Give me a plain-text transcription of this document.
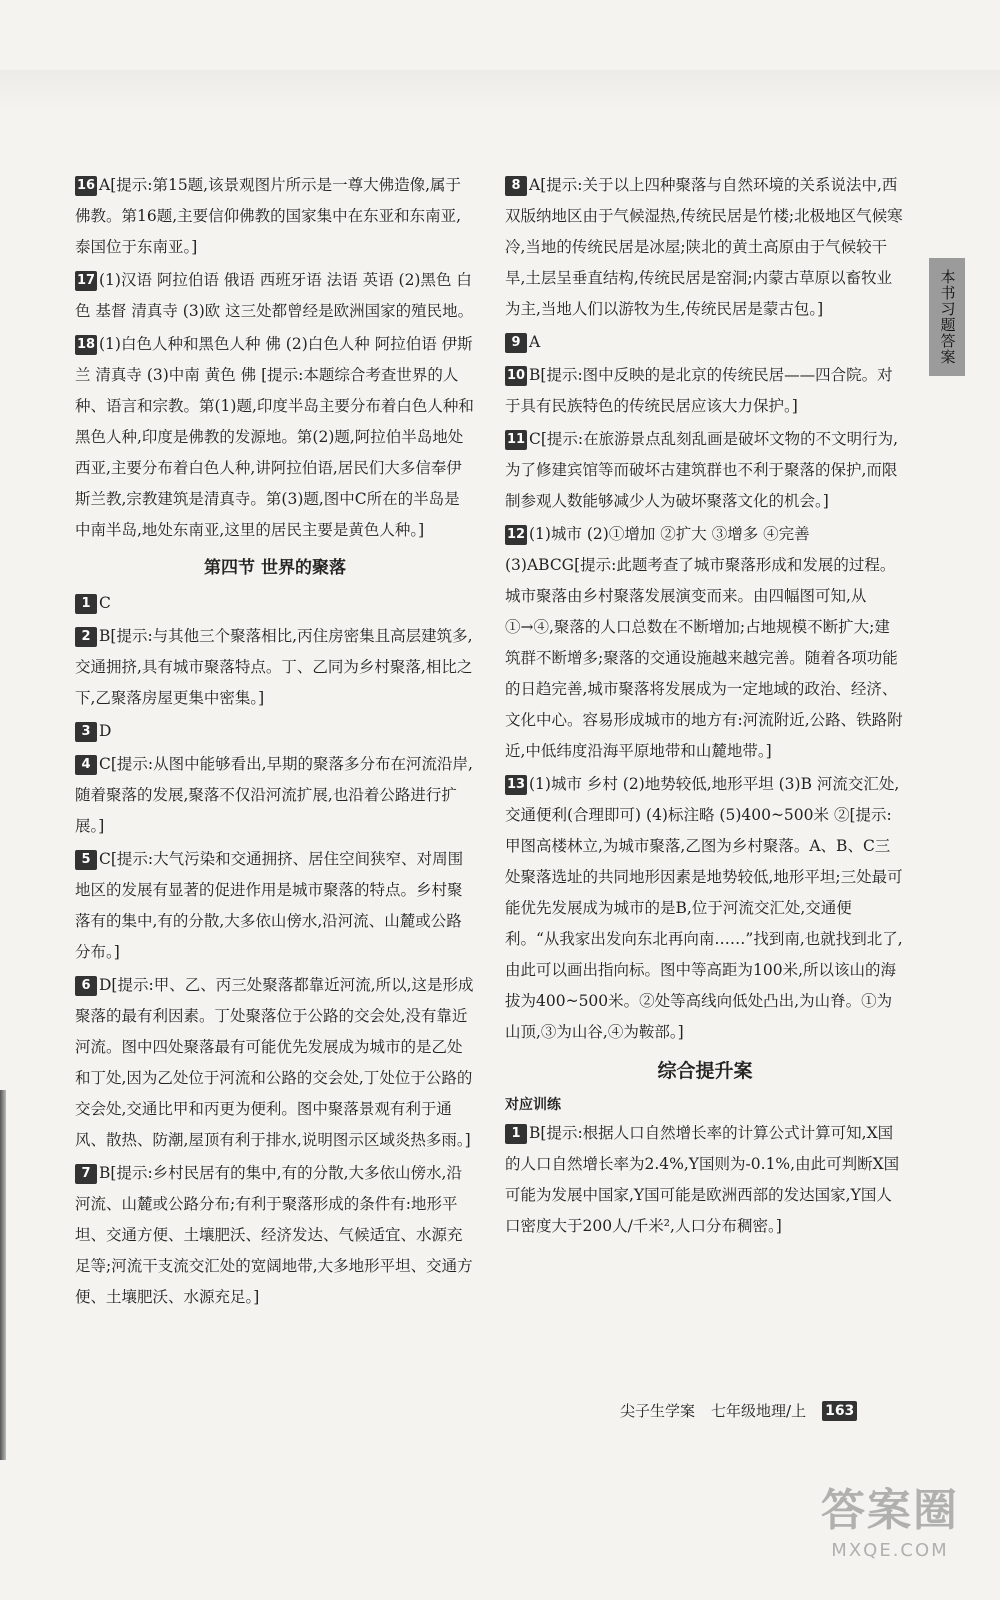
16 A[提示:第15题,该景观图片所示是一尊大佛造像,属于佛教。第16题,主要信仰佛教的国家集中在东亚和东南亚,泰国位于东南亚。]
17 (1)汉语 阿拉伯语 俄语 西班牙语 法语 英语 (2)黑色 白色 基督 清真寺 (3)欧 这三处都曾经是欧洲国家的殖民地。
18 (1)白色人种和黑色人种 佛 (2)白色人种 阿拉伯语 伊斯兰 清真寺 (3)中南 黄色 佛 [提示:本题综合考查世界的人种、语言和宗教。第(1)题,印度半岛主要分布着白色人种和黑色人种,印度是佛教的发源地。第(2)题,阿拉伯半岛地处西亚,主要分布着白色人种,讲阿拉伯语,居民们大多信奉伊斯兰教,宗教建筑是清真寺。第(3)题,图中C所在的半岛是中南半岛,地处东南亚,这里的居民主要是黄色人种。]
第四节 世界的聚落
1 C
2 B[提示:与其他三个聚落相比,丙住房密集且高层建筑多,交通拥挤,具有城市聚落特点。丁、乙同为乡村聚落,相比之下,乙聚落房屋更集中密集。]
3 D
4 C[提示:从图中能够看出,早期的聚落多分布在河流沿岸,随着聚落的发展,聚落不仅沿河流扩展,也沿着公路进行扩展。]
5 C[提示:大气污染和交通拥挤、居住空间狭窄、对周围地区的发展有显著的促进作用是城市聚落的特点。乡村聚落有的集中,有的分散,大多依山傍水,沿河流、山麓或公路分布。]
6 D[提示:甲、乙、丙三处聚落都靠近河流,所以,这是形成聚落的最有利因素。丁处聚落位于公路的交会处,没有靠近河流。图中四处聚落最有可能优先发展成为城市的是乙处和丁处,因为乙处位于河流和公路的交会处,丁处位于公路的交会处,交通比甲和丙更为便利。图中聚落景观有利于通风、散热、防潮,屋顶有利于排水,说明图示区域炎热多雨。]
7 B[提示:乡村民居有的集中,有的分散,大多依山傍水,沿河流、山麓或公路分布;有利于聚落形成的条件有:地形平坦、交通方便、土壤肥沃、经济发达、气候适宜、水源充足等;河流干支流交汇处的宽阔地带,大多地形平坦、交通方便、土壤肥沃、水源充足。]
8 A[提示:关于以上四种聚落与自然环境的关系说法中,西双版纳地区由于气候湿热,传统民居是竹楼;北极地区气候寒冷,当地的传统民居是冰屋;陕北的黄土高原由于气候较干旱,土层呈垂直结构,传统民居是窑洞;内蒙古草原以畜牧业为主,当地人们以游牧为生,传统民居是蒙古包。]
9 A
10 B[提示:图中反映的是北京的传统民居——四合院。对于具有民族特色的传统民居应该大力保护。]
11 C[提示:在旅游景点乱刻乱画是破坏文物的不文明行为,为了修建宾馆等而破坏古建筑群也不利于聚落的保护,而限制参观人数能够减少人为破坏聚落文化的机会。]
12 (1)城市 (2)①增加 ②扩大 ③增多 ④完善 (3)ABCG[提示:此题考查了城市聚落形成和发展的过程。城市聚落由乡村聚落发展演变而来。由四幅图可知,从①→④,聚落的人口总数在不断增加;占地规模不断扩大;建筑群不断增多;聚落的交通设施越来越完善。随着各项功能的日趋完善,城市聚落将发展成为一定地域的政治、经济、文化中心。容易形成城市的地方有:河流附近,公路、铁路附近,中低纬度沿海平原地带和山麓地带。]
13 (1)城市 乡村 (2)地势较低,地形平坦 (3)B 河流交汇处,交通便利(合理即可) (4)标注略 (5)400~500米 ②[提示:甲图高楼林立,为城市聚落,乙图为乡村聚落。A、B、C三处聚落选址的共同地形因素是地势较低,地形平坦;三处最可能优先发展成为城市的是B,位于河流交汇处,交通便利。“从我家出发向东北再向南……”找到南,也就找到北了,由此可以画出指向标。图中等高距为100米,所以该山的海拔为400~500米。②处等高线向低处凸出,为山脊。①为山顶,③为山谷,④为鞍部。]
综合提升案
对应训练
1 B[提示:根据人口自然增长率的计算公式计算可知,X国的人口自然增长率为2.4%,Y国则为-0.1%,由此可判断X国可能为发展中国家,Y国可能是欧洲西部的发达国家,Y国人口密度大于200人/千米²,人口分布稠密。]
本书习题答案
尖子生学案 七年级地理/上 163
答案圈
MXQE.COM
